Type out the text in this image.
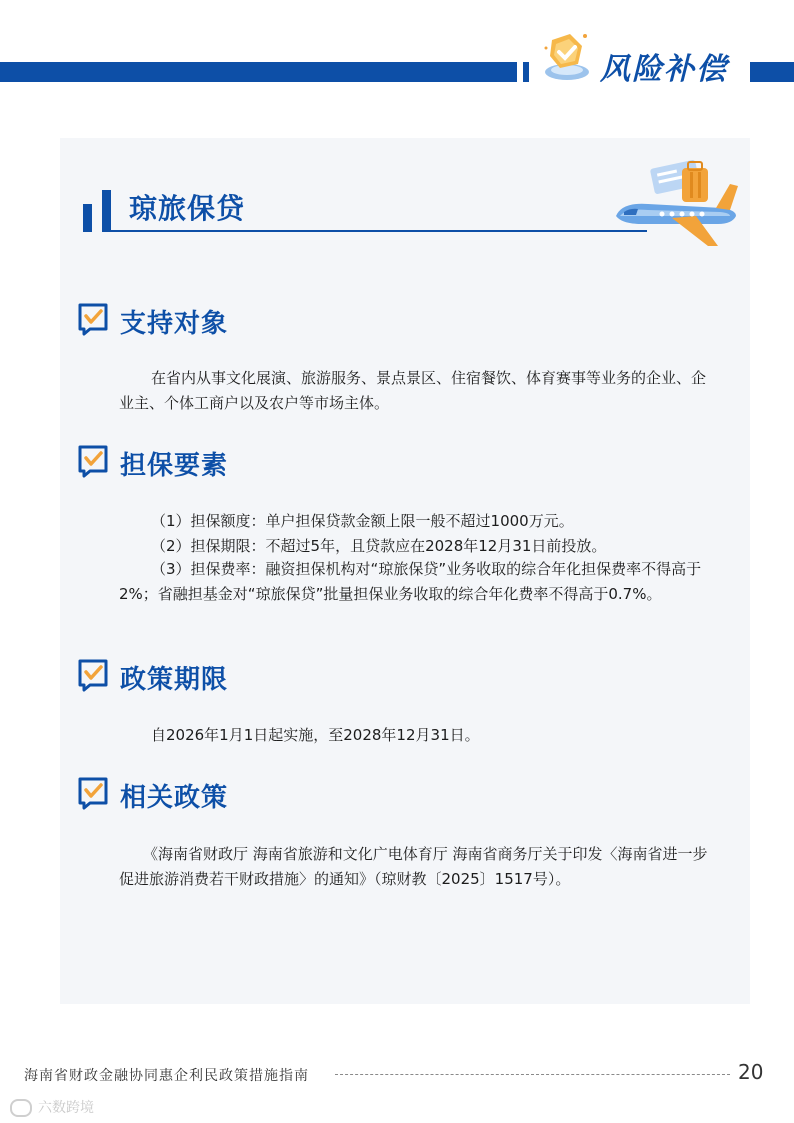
风险补偿
琼旅保贷
支持对象

在省内从事文化展演、旅游服务、景点景区、住宿餐饮、体育赛事等业务的企业、企业主、个体工商户以及农户等市场主体。

担保要素

（1）担保额度：单户担保贷款金额上限一般不超过1000万元。

（2）担保期限：不超过5年，且贷款应在2028年12月31日前投放。

（3）担保费率：融资担保机构对“琼旅保贷”业务收取的综合年化担保费率不得高于2%；省融担基金对“琼旅保贷”批量担保业务收取的综合年化费率不得高于0.7%。

政策期限

自2026年1月1日起实施，至2028年12月31日。

相关政策

《海南省财政厅 海南省旅游和文化广电体育厅 海南省商务厅关于印发〈海南省进一步促进旅游消费若干财政措施〉的通知》（琼财教〔2025〕1517号）。

海南省财政金融协同惠企利民政策措施指南	20
六数跨境
